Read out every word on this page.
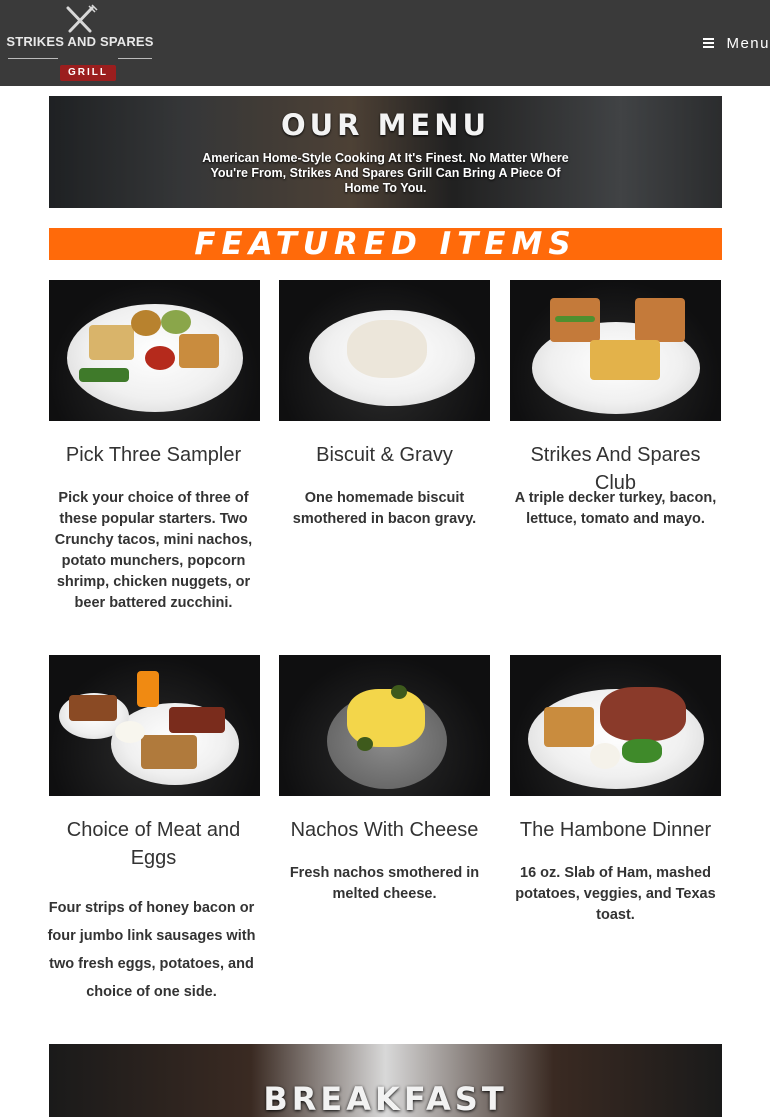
STRIKES AND SPARES
GRILL
Menu
OUR MENU
American Home-Style Cooking At It's Finest. No Matter Where You're From, Strikes And Spares Grill Can Bring A Piece Of Home To You.
FEATURED ITEMS
Pick Three Sampler	Biscuit & Gravy	Strikes And Spares Club
Pick your choice of three of these popular starters. Two Crunchy tacos, mini nachos, potato munchers, popcorn shrimp, chicken nuggets, or beer battered zucchini.
One homemade biscuit smothered in bacon gravy.
A triple decker turkey, bacon, lettuce, tomato and mayo.
Choice of Meat and Eggs
Nachos With Cheese	The Hambone Dinner
Four strips of honey bacon or four jumbo link sausages with two fresh eggs, potatoes, and choice of one side.
Fresh nachos smothered in melted cheese.
16 oz. Slab of Ham, mashed potatoes, veggies, and Texas toast.
BREAKFAST
